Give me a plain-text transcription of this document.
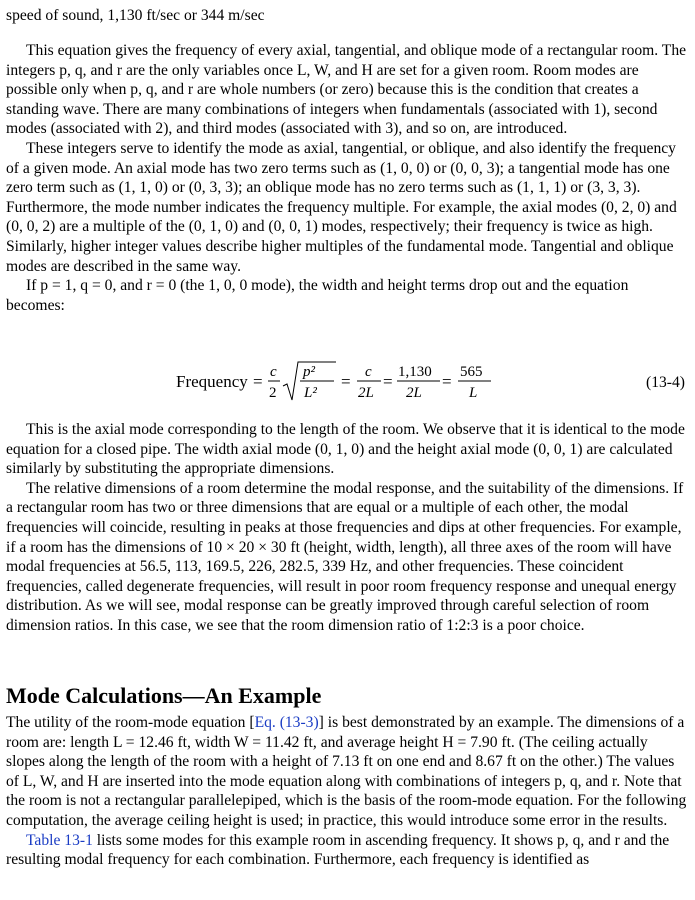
speed of sound, 1,130 ft/sec or 344 m/sec

This equation gives the frequency of every axial, tangential, and oblique mode of a rectangular room. The integers p, q, and r are the only variables once L, W, and H are set for a given room. Room modes are possible only when p, q, and r are whole numbers (or zero) because this is the condition that creates a standing wave. There are many combinations of integers when fundamentals (associated with 1), second modes (associated with 2), and third modes (associated with 3), and so on, are introduced.

These integers serve to identify the mode as axial, tangential, or oblique, and also identify the frequency of a given mode. An axial mode has two zero terms such as (1, 0, 0) or (0, 0, 3); a tangential mode has one zero term such as (1, 1, 0) or (0, 3, 3); an oblique mode has no zero terms such as (1, 1, 1) or (3, 3, 3). Furthermore, the mode number indicates the frequency multiple. For example, the axial modes (0, 2, 0) and (0, 0, 2) are a multiple of the (0, 1, 0) and (0, 0, 1) modes, respectively; their frequency is twice as high. Similarly, higher integer values describe higher multiples of the fundamental mode. Tangential and oblique modes are described in the same way.

If p = 1, q = 0, and r = 0 (the 1, 0, 0 mode), the width and height terms drop out and the equation becomes:

Frequency = c
2
p²
L²
= c
2L
= 1,130
2L
= 565
L
(13-4)

This is the axial mode corresponding to the length of the room. We observe that it is identical to the mode equation for a closed pipe. The width axial mode (0, 1, 0) and the height axial mode (0, 0, 1) are calculated similarly by substituting the appropriate dimensions.

The relative dimensions of a room determine the modal response, and the suitability of the dimensions. If a rectangular room has two or three dimensions that are equal or a multiple of each other, the modal frequencies will coincide, resulting in peaks at those frequencies and dips at other frequencies. For example, if a room has the dimensions of 10 × 20 × 30 ft (height, width, length), all three axes of the room will have modal frequencies at 56.5, 113, 169.5, 226, 282.5, 339 Hz, and other frequencies. These coincident frequencies, called degenerate frequencies, will result in poor room frequency response and unequal energy distribution. As we will see, modal response can be greatly improved through careful selection of room dimension ratios. In this case, we see that the room dimension ratio of 1:2:3 is a poor choice.

Mode Calculations—An Example

The utility of the room-mode equation [Eq. (13-3)] is best demonstrated by an example. The dimensions of a room are: length L = 12.46 ft, width W = 11.42 ft, and average height H = 7.90 ft. (The ceiling actually slopes along the length of the room with a height of 7.13 ft on one end and 8.67 ft on the other.) The values of L, W, and H are inserted into the mode equation along with combinations of integers p, q, and r. Note that the room is not a rectangular parallelepiped, which is the basis of the room-mode equation. For the following computation, the average ceiling height is used; in practice, this would introduce some error in the results.

Table 13-1 lists some modes for this example room in ascending frequency. It shows p, q, and r and the resulting modal frequency for each combination. Furthermore, each frequency is identified as
